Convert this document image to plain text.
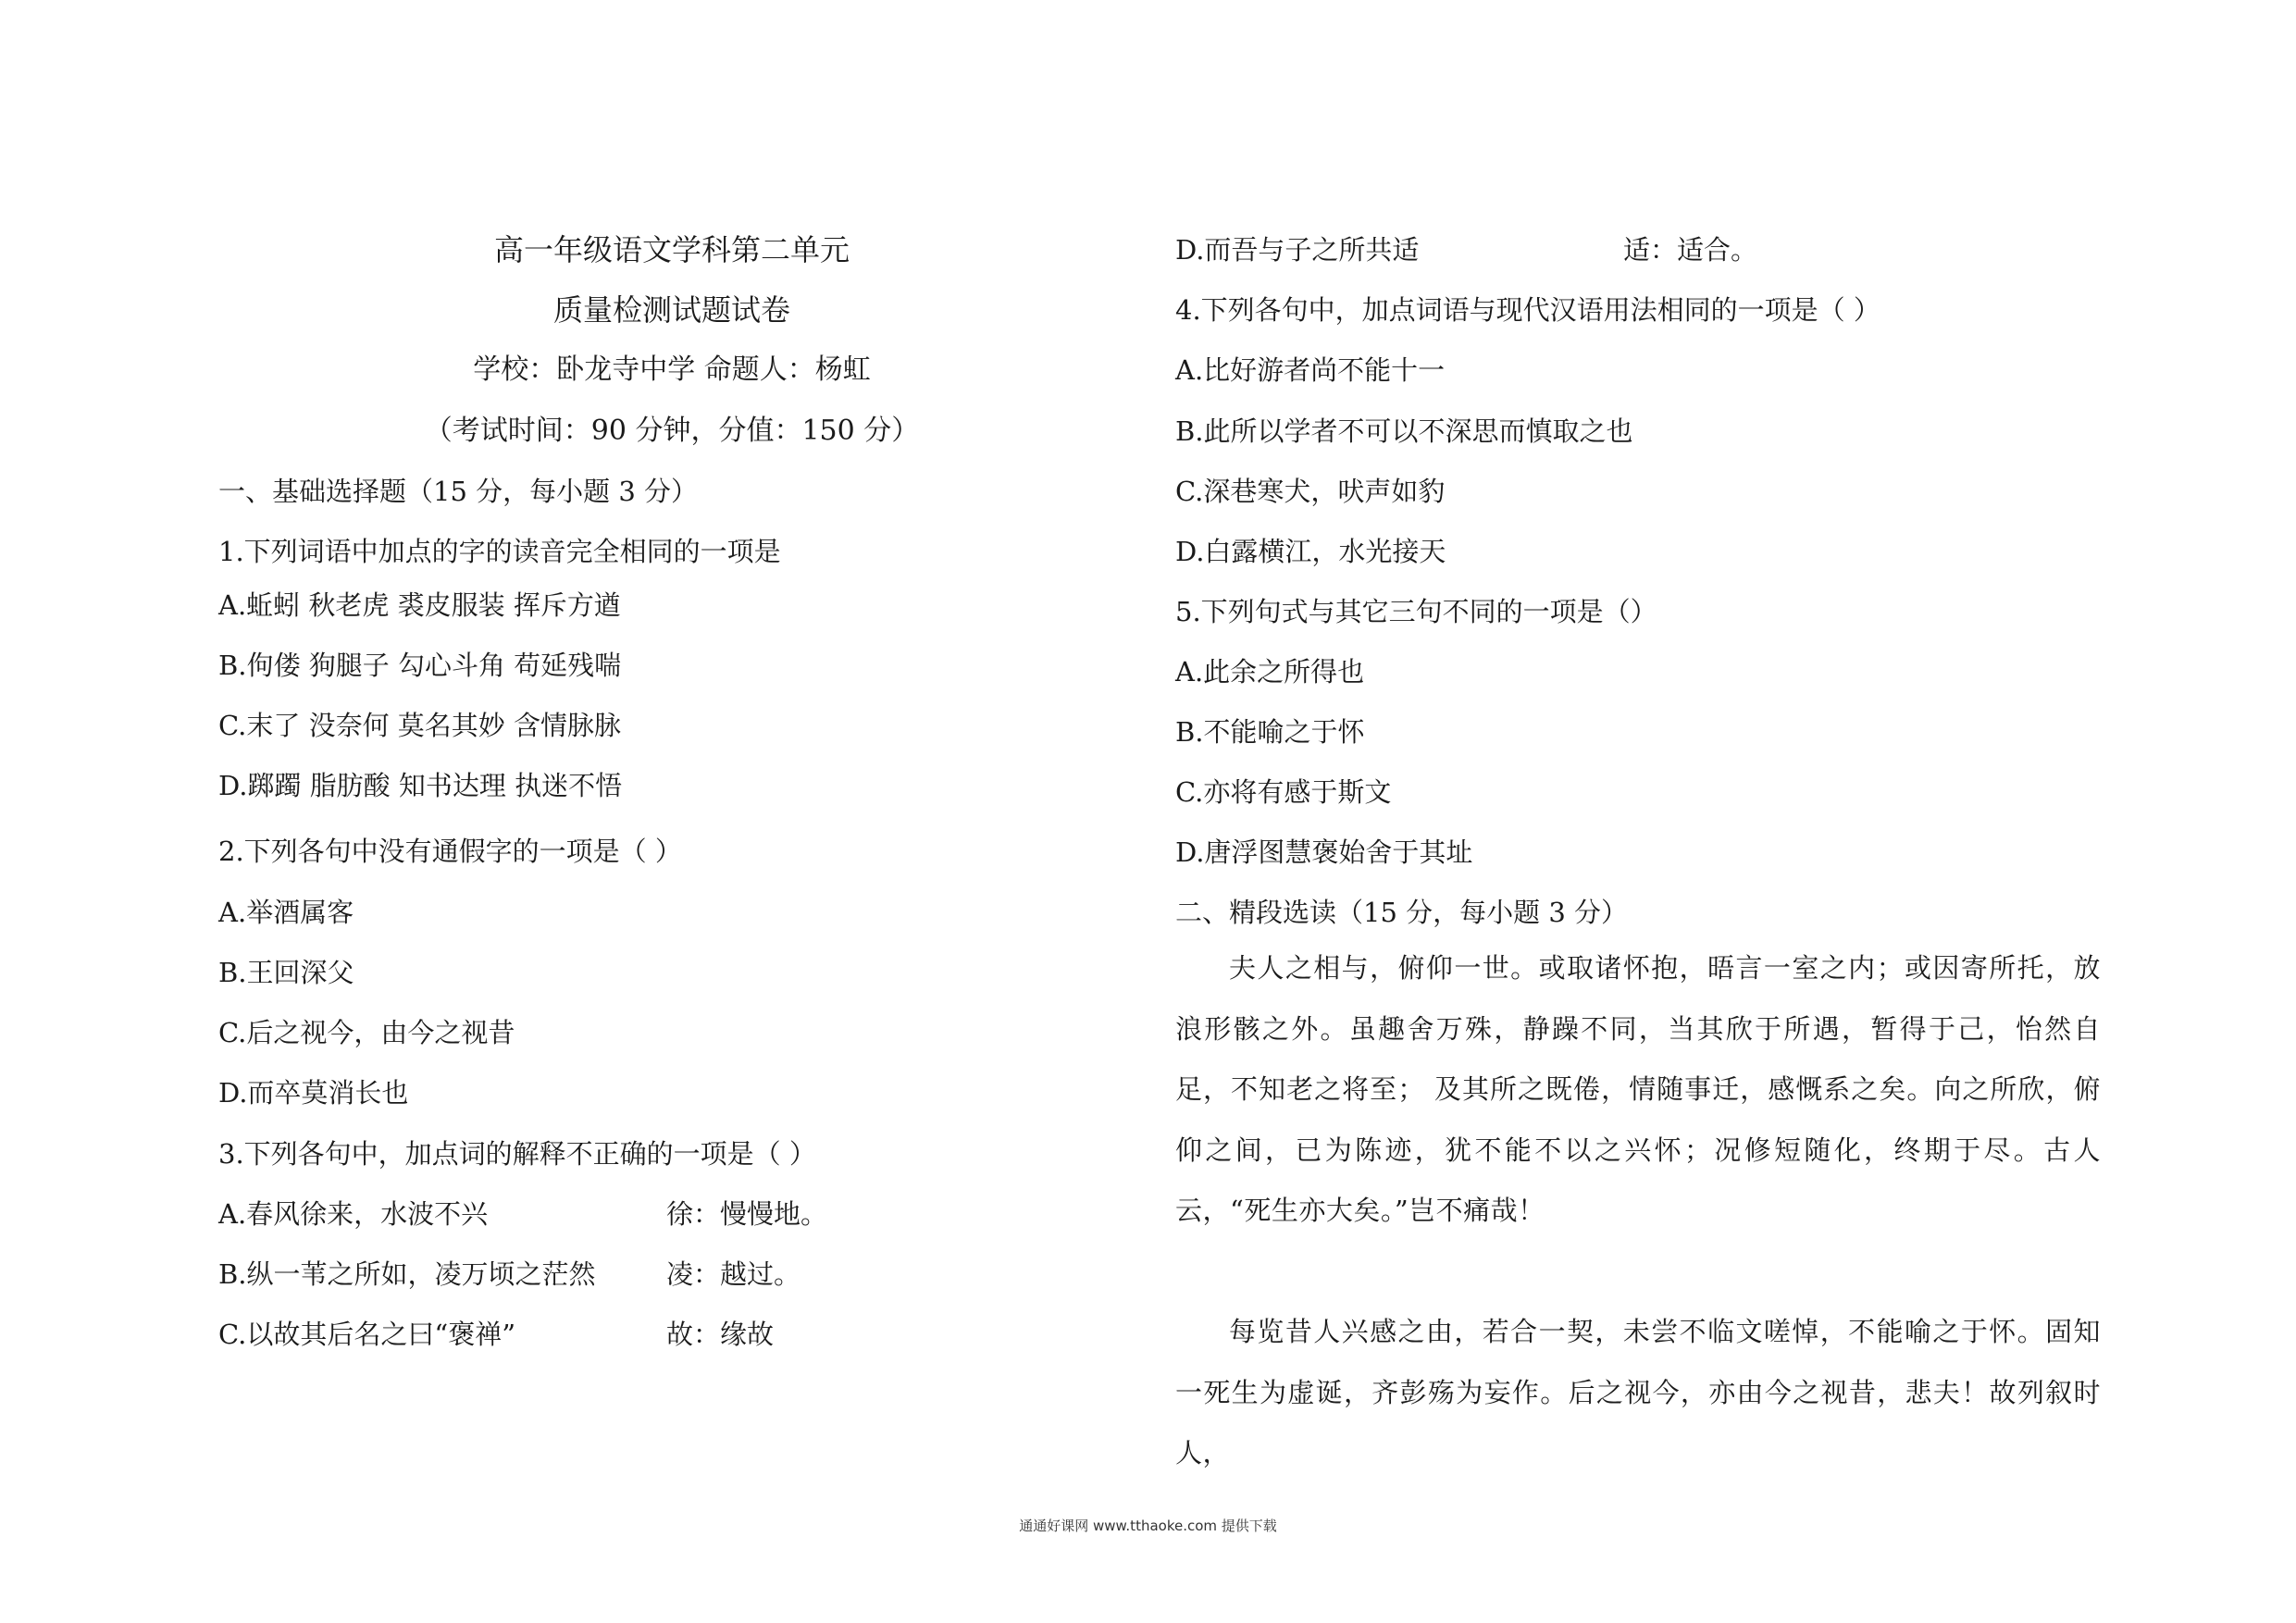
高一年级语文学科第二单元
质量检测试题试卷
学校：卧龙寺中学 命题人：杨虹
（考试时间：90 分钟，分值：150 分）
一、基础选择题（15 分，每小题 3 分）
1.下列词语中加点的字的读音完全相同的一项是
A.蚯蚓 秋老虎 裘皮服装 挥斥方遒
B.佝偻 狗腿子 勾心斗角 苟延残喘
C.末了 没奈何 莫名其妙 含情脉脉
D.踯躅 脂肪酸 知书达理 执迷不悟
2.下列各句中没有通假字的一项是（ ）
A.举酒属客
B.王回深父
C.后之视今，由今之视昔
D.而卒莫消长也
3.下列各句中，加点词的解释不正确的一项是（ ）
A.春风徐来，水波不兴	徐：慢慢地。
B.纵一苇之所如，凌万顷之茫然	凌：越过。
C.以故其后名之曰“褒禅”	故：缘故
D.而吾与子之所共适	适：适合。
4.下列各句中，加点词语与现代汉语用法相同的一项是（ ）
A.比好游者尚不能十一
B.此所以学者不可以不深思而慎取之也
C.深巷寒犬，吠声如豹
D.白露横江，水光接天
5.下列句式与其它三句不同的一项是（）
A.此余之所得也
B.不能喻之于怀
C.亦将有感于斯文
D.唐浮图慧褒始舍于其址
二、精段选读（15 分，每小题 3 分）
夫人之相与，俯仰一世。或取诸怀抱，晤言一室之内；或因寄所托，放浪形骸之外。虽趣舍万殊，静躁不同，当其欣于所遇，暂得于己，怡然自足，不知老之将至； 及其所之既倦，情随事迁，感慨系之矣。向之所欣，俯仰之间，已为陈迹，犹不能不以之兴怀；况修短随化，终期于尽。古人云，“死生亦大矣。”岂不痛哉！
每览昔人兴感之由，若合一契，未尝不临文嗟悼，不能喻之于怀。固知一死生为虚诞，齐彭殇为妄作。后之视今，亦由今之视昔，悲夫！故列叙时人，
通通好课网 www.tthaoke.com 提供下载
